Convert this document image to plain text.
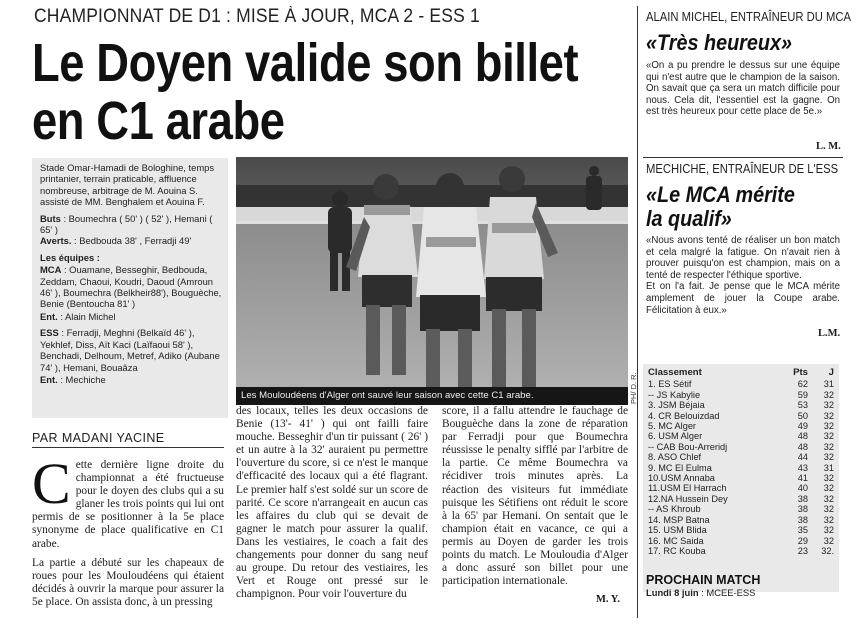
CHAMPIONNAT DE D1 : MISE À JOUR, MCA 2 - ESS 1
Le Doyen valide son billet
en C1 arabe

Stade Omar-Hamadi de Bologhine, temps printanier, terrain praticable, affluence nombreuse, arbitrage de M. Aouina S. assisté de MM. Benghalem et Aouina F.

Buts : Boumechra ( 50' ) ( 52' ), Hemani ( 65' )
Averts. : Bedbouda 38' , Ferradji 49'

Les équipes :

MCA : Ouamane, Besseghir, Bedbouda, Zeddam, Chaoui, Koudri, Daoud (Amroun 46' ), Boumechra (Belkheir88'), Bouguèche, Benie (Bentoucha 81' )

Ent. : Alain Michel

ESS : Ferradji, Meghni (Belkaïd 46' ), Yekhlef, Diss, Aït Kaci (Laïfaoui 58' ), Benchadi, Delhoum, Metref, Adiko (Aubane 74' ), Hemani, Bouaâza

Ent. : Mechiche

Les Mouloudéens d'Alger ont sauvé leur saison avec cette C1 arabe.	PH/ D. R.
PAR MADANI YACINE

Cette dernière ligne droite du championnat a été fructueuse pour le doyen des clubs qui a su glaner les trois points qui lui ont permis de se positionner à la 5e place synonyme de place qualificative en C1 arabe.

La partie a débuté sur les chapeaux de roues pour les Mouloudéens qui étaient décidés à ouvrir la marque pour assurer la 5e place. On assista donc, à un pressing

des locaux, telles les deux occasions de Benie (13'- 41' ) qui ont failli faire mouche. Besseghir d'un tir puissant ( 26' ) et un autre à la 32' auraient pu permettre l'ouverture du score, si ce n'est le manque d'efficacité des locaux qui a été flagrant. Le premier half s'est soldé sur un score de parité. Ce score n'arrangeait en aucun cas les affaires du club qui se devait de gagner le match pour assurer la qualif. Dans les vestiaires, le coach a fait des changements pour donner du sang neuf au groupe. Du retour des vestiaires, les Vert et Rouge ont pressé sur le champignon. Pour voir l'ouverture du

score, il a fallu attendre le fauchage de Bouguèche dans la zone de réparation par Ferradji pour que Boumechra réussisse le penalty sifflé par l'arbitre de la partie. Ce même Boumechra va récidiver trois minutes après. La réaction des visiteurs fut immédiate puisque les Sétifiens ont réduit le score à la 65' par Hemani. On sentait que le champion était en vacance, ce qui a permis au Doyen de garder les trois points du match. Le Mouloudia d'Alger a donc assuré son billet pour une participation internationale.

M. Y.
ALAIN MICHEL, ENTRAÎNEUR DU MCA
«Très heureux»
«On a pu prendre le dessus sur une équipe qui n'est autre que le champion de la saison. On savait que ça sera un match difficile pour nous. Cela dit, l'essentiel est la gagne. On est très heureux pour cette place de 5e.»
L. M.
MECHICHE, ENTRAÎNEUR DE L'ESS
«Le MCA mérite
la qualif»
«Nous avons tenté de réaliser un bon match et cela malgré la fatigue. On n'avait rien à prouver puisqu'on est champion, mais on a tenté de respecter l'éthique sportive.
Et on l'a fait. Je pense que le MCA mérite amplement de jouer la Coupe arabe. Félicitation à eux.»
L.M.
Classement	Pts	J
1. ES Sétif	62	31
-- JS Kabylie	59	32
3. JSM Béjaia	53	32
4. CR Belouizdad	50	32
5. MC Alger	49	32
6. USM Alger	48	32
-- CAB Bou-Arreridj	48	32
8. ASO Chlef	44	32
9. MC El Eulma	43	31
10.USM Annaba	41	32
11.USM El Harrach	40	32
12.NA Hussein Dey	38	32
-- AS Khroub	38	32
14. MSP Batna	38	32
15. USM Blida	35	32
16. MC Saida	29	32
17. RC Kouba	23	32.
PROCHAIN MATCH
Lundi 8 juin : MCEE-ESS
